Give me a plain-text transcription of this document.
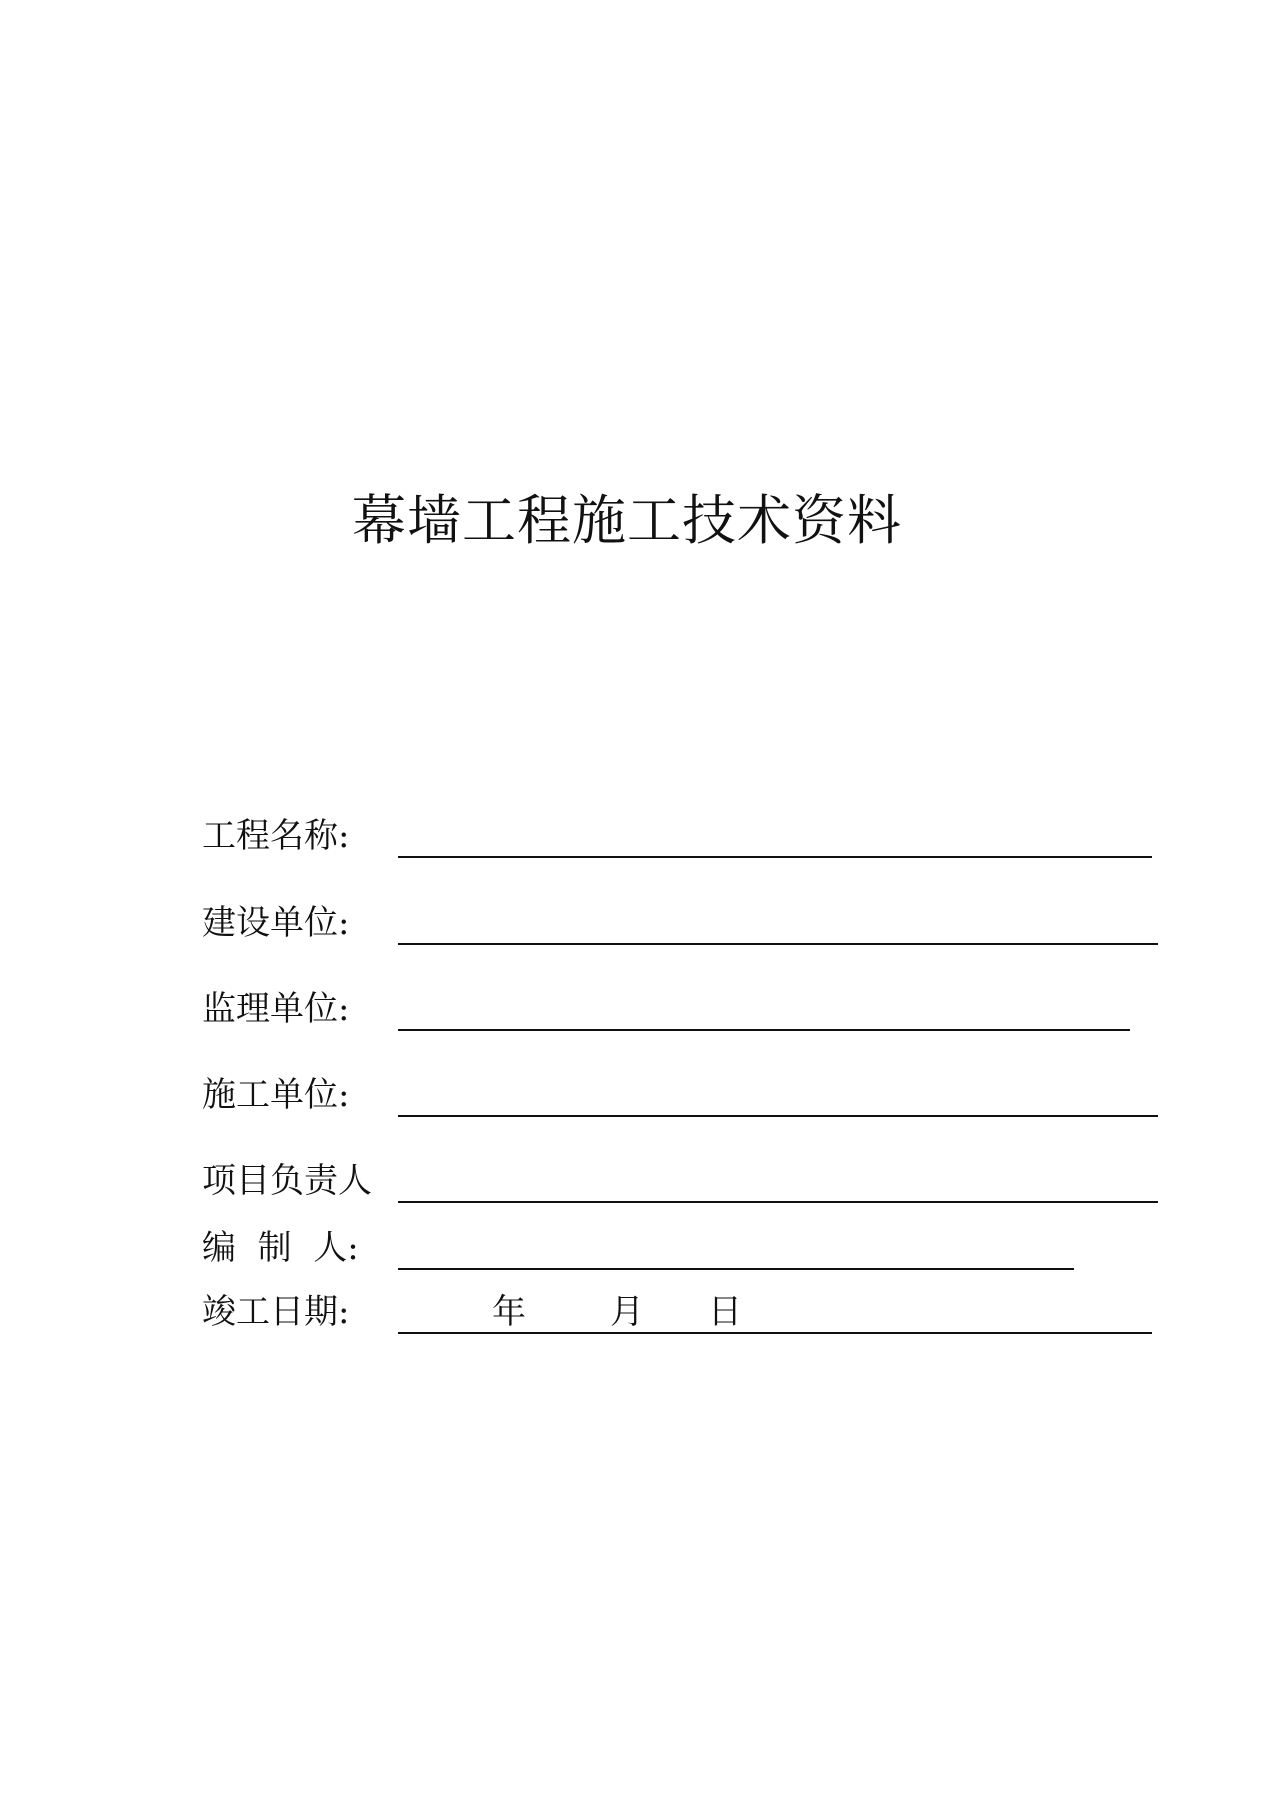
幕墙工程施工技术资料
工程名称:
建设单位:
监理单位:
施工单位:
项目负责人
编  制  人:
竣工日期:	年 月 日
